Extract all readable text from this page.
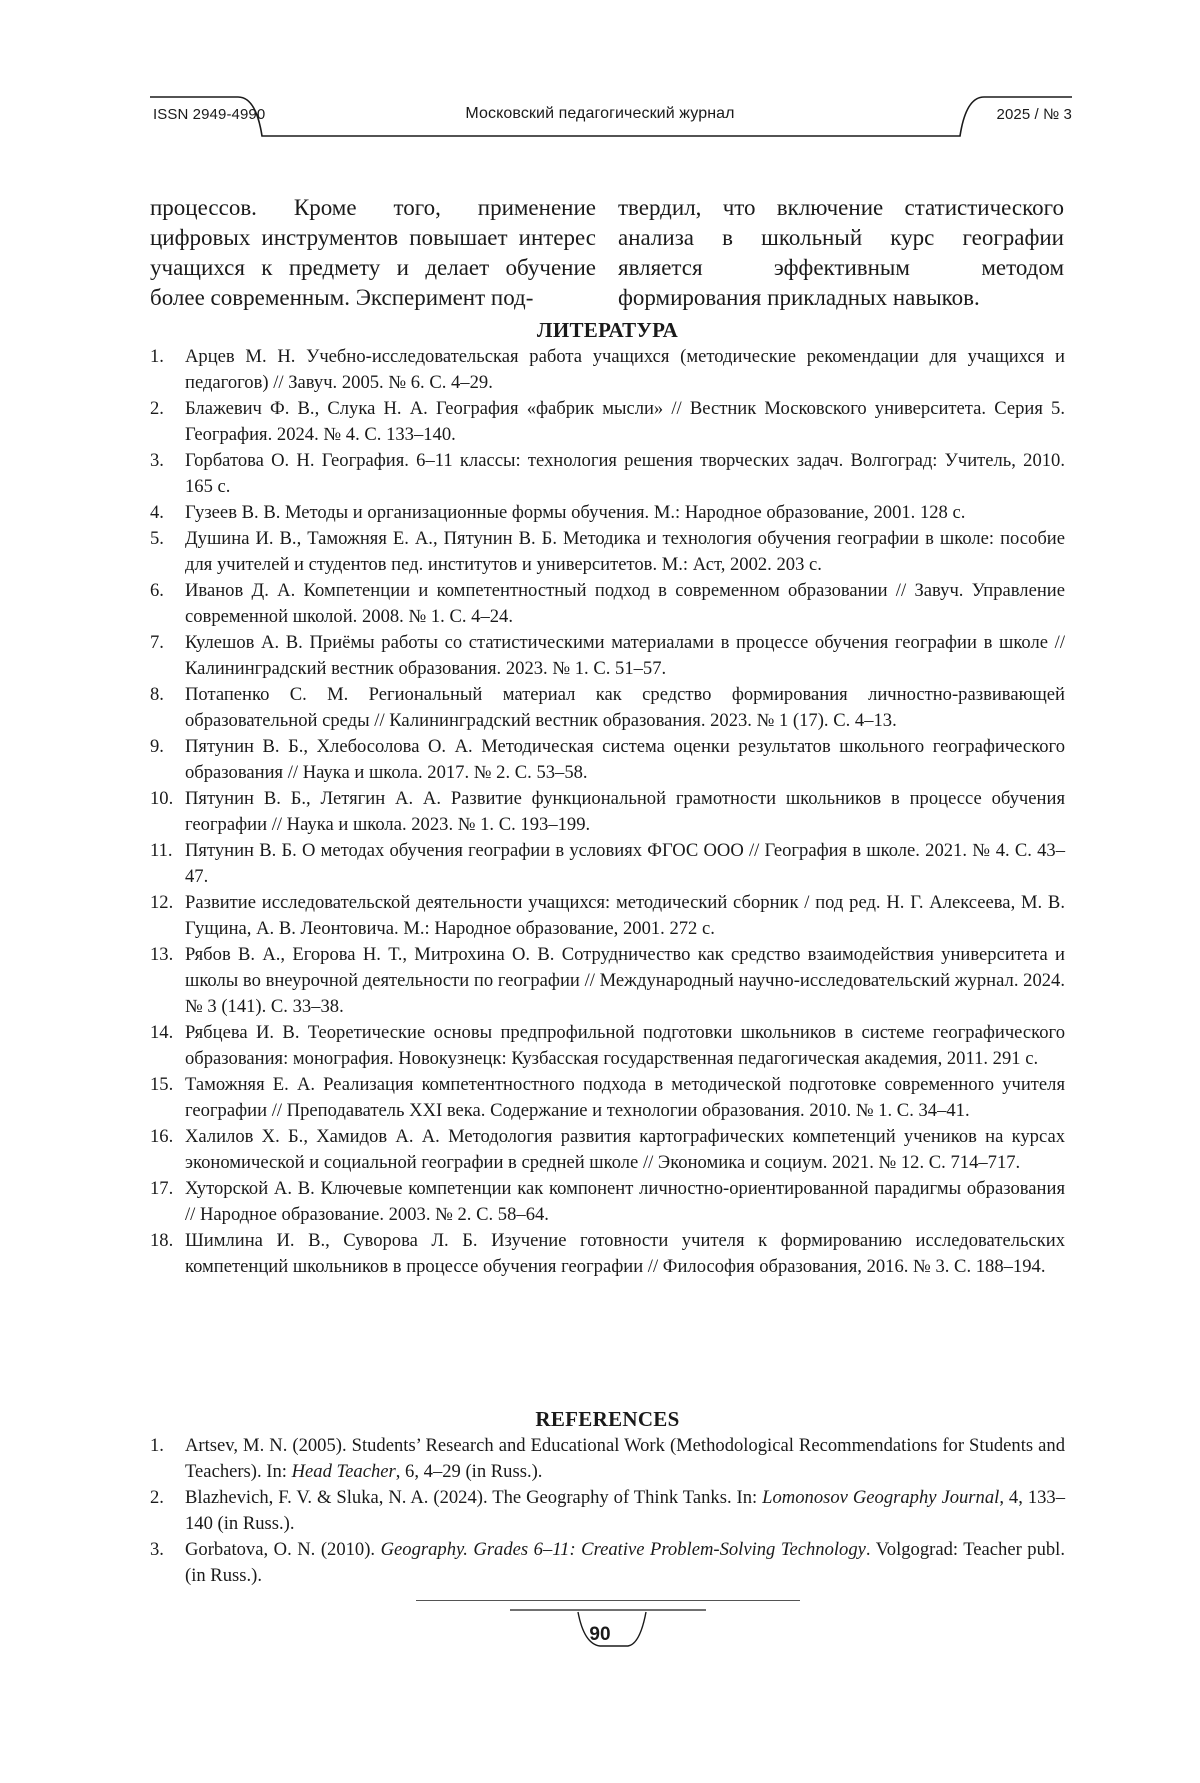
ISSN 2949-4990	Московский педагогический журнал	2025 / № 3

процессов. Кроме того, применение цифровых инструментов повышает интерес учащихся к предмету и делает обучение более современным. Эксперимент под-

твердил, что включение статистического анализа в школьный курс географии является эффективным методом формирования прикладных навыков.

ЛИТЕРАТУРА
1. Арцев М. Н. Учебно-исследовательская работа учащихся (методические рекомендации для учащихся и педагогов) // Завуч. 2005. № 6. С. 4–29.
2. Блажевич Ф. В., Слука Н. А. География «фабрик мысли» // Вестник Московского университета. Серия 5. География. 2024. № 4. С. 133–140.
3. Горбатова О. Н. География. 6–11 классы: технология решения творческих задач. Волгоград: Учитель, 2010. 165 с.
4. Гузеев В. В. Методы и организационные формы обучения. М.: Народное образование, 2001. 128 с.
5. Душина И. В., Таможняя Е. А., Пятунин В. Б. Методика и технология обучения географии в школе: пособие для учителей и студентов пед. институтов и университетов. М.: Аст, 2002. 203 с.
6. Иванов Д. А. Компетенции и компетентностный подход в современном образовании // Завуч. Управление современной школой. 2008. № 1. С. 4–24.
7. Кулешов А. В. Приёмы работы со статистическими материалами в процессе обучения географии в школе // Калининградский вестник образования. 2023. № 1. С. 51–57.
8. Потапенко С. М. Региональный материал как средство формирования личностно-развивающей образовательной среды // Калининградский вестник образования. 2023. № 1 (17). С. 4–13.
9. Пятунин В. Б., Хлебосолова О. А. Методическая система оценки результатов школьного географического образования // Наука и школа. 2017. № 2. С. 53–58.
10. Пятунин В. Б., Летягин А. А. Развитие функциональной грамотности школьников в процессе обучения географии // Наука и школа. 2023. № 1. С. 193–199.
11. Пятунин В. Б. О методах обучения географии в условиях ФГОС ООО // География в школе. 2021. № 4. С. 43–47.
12. Развитие исследовательской деятельности учащихся: методический сборник / под ред. Н. Г. Алексеева, М. В. Гущина, А. В. Леонтовича. М.: Народное образование, 2001. 272 с.
13. Рябов В. А., Егорова Н. Т., Митрохина О. В. Сотрудничество как средство взаимодействия университета и школы во внеурочной деятельности по географии // Международный научно-исследовательский журнал. 2024. № 3 (141). С. 33–38.
14. Рябцева И. В. Теоретические основы предпрофильной подготовки школьников в системе географического образования: монография. Новокузнецк: Кузбасская государственная педагогическая академия, 2011. 291 с.
15. Таможняя Е. А. Реализация компетентностного подхода в методической подготовке современного учителя географии // Преподаватель XXI века. Содержание и технологии образования. 2010. № 1. С. 34–41.
16. Халилов Х. Б., Хамидов А. А. Методология развития картографических компетенций учеников на курсах экономической и социальной географии в средней школе // Экономика и социум. 2021. № 12. С. 714–717.
17. Хуторской А. В. Ключевые компетенции как компонент личностно-ориентированной парадигмы образования // Народное образование. 2003. № 2. С. 58–64.
18. Шимлина И. В., Суворова Л. Б. Изучение готовности учителя к формированию исследовательских компетенций школьников в процессе обучения географии // Философия образования, 2016. № 3. С. 188–194.
REFERENCES
1. Artsev, M. N. (2005). Students’ Research and Educational Work (Methodological Recommendations for Students and Teachers). In: Head Teacher, 6, 4–29 (in Russ.).
2. Blazhevich, F. V. & Sluka, N. A. (2024). The Geography of Think Tanks. In: Lomonosov Geography Journal, 4, 133–140 (in Russ.).
3. Gorbatova, O. N. (2010). Geography. Grades 6–11: Creative Problem-Solving Technology. Volgograd: Teacher publ. (in Russ.).
90
